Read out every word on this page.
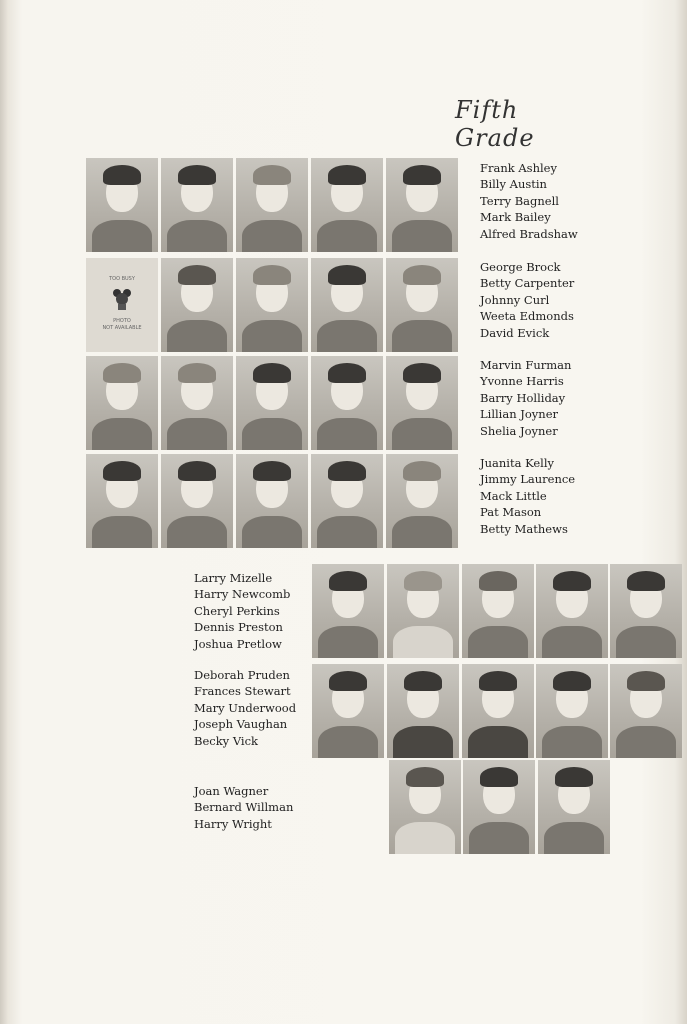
Fifth Grade
TOO BUSY
PHOTO
NOT AVAILABLE
Frank Ashley
Billy Austin
Terry Bagnell
Mark Bailey
Alfred Bradshaw
George Brock
Betty Carpenter
Johnny Curl
Weeta Edmonds
David Evick
Marvin Furman
Yvonne Harris
Barry Holliday
Lillian Joyner
Shelia Joyner
Juanita Kelly
Jimmy Laurence
Mack Little
Pat Mason
Betty Mathews
Larry Mizelle
Harry Newcomb
Cheryl Perkins
Dennis Preston
Joshua Pretlow
Deborah Pruden
Frances Stewart
Mary Underwood
Joseph Vaughan
Becky Vick
Joan Wagner
Bernard Willman
Harry Wright
